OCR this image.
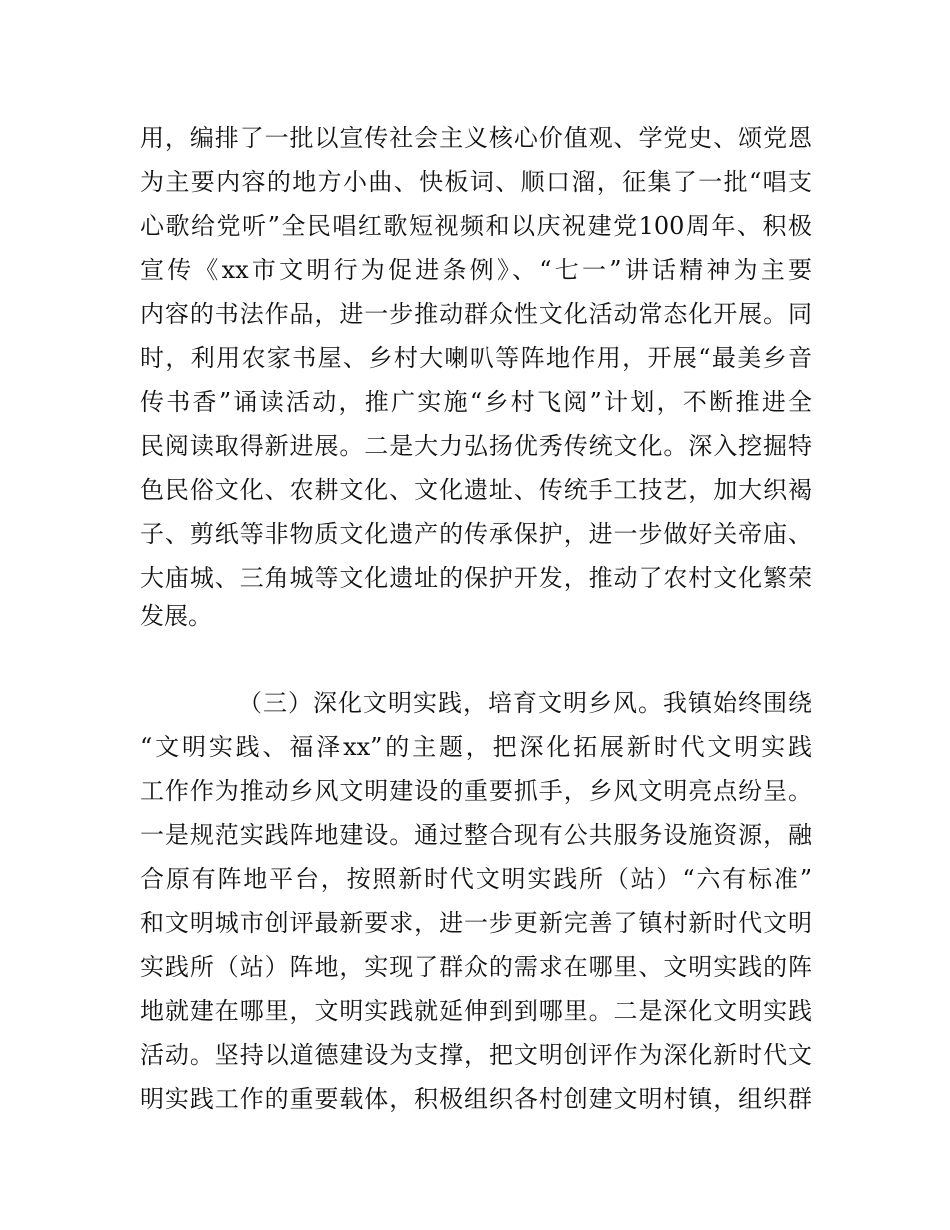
用，编排了一批以宣传社会主义核心价值观、学党史、颂党恩
为主要内容的地方小曲、快板词、顺口溜，征集了一批“唱支
心歌给党听”全民唱红歌短视频和以庆祝建党100周年、积极
宣传《xx市文明行为促进条例》、“七一”讲话精神为主要
内容的书法作品，进一步推动群众性文化活动常态化开展。同
时，利用农家书屋、乡村大喇叭等阵地作用，开展“最美乡音
传书香”诵读活动，推广实施“乡村飞阅”计划，不断推进全
民阅读取得新进展。二是大力弘扬优秀传统文化。深入挖掘特
色民俗文化、农耕文化、文化遗址、传统手工技艺，加大织褐
子、剪纸等非物质文化遗产的传承保护，进一步做好关帝庙、
大庙城、三角城等文化遗址的保护开发，推动了农村文化繁荣
发展。
（三）深化文明实践，培育文明乡风。我镇始终围绕
“文明实践、福泽xx”的主题，把深化拓展新时代文明实践
工作作为推动乡风文明建设的重要抓手，乡风文明亮点纷呈。
一是规范实践阵地建设。通过整合现有公共服务设施资源，融
合原有阵地平台，按照新时代文明实践所（站）“六有标准”
和文明城市创评最新要求，进一步更新完善了镇村新时代文明
实践所（站）阵地，实现了群众的需求在哪里、文明实践的阵
地就建在哪里，文明实践就延伸到到哪里。二是深化文明实践
活动。坚持以道德建设为支撑，把文明创评作为深化新时代文
明实践工作的重要载体，积极组织各村创建文明村镇，组织群
